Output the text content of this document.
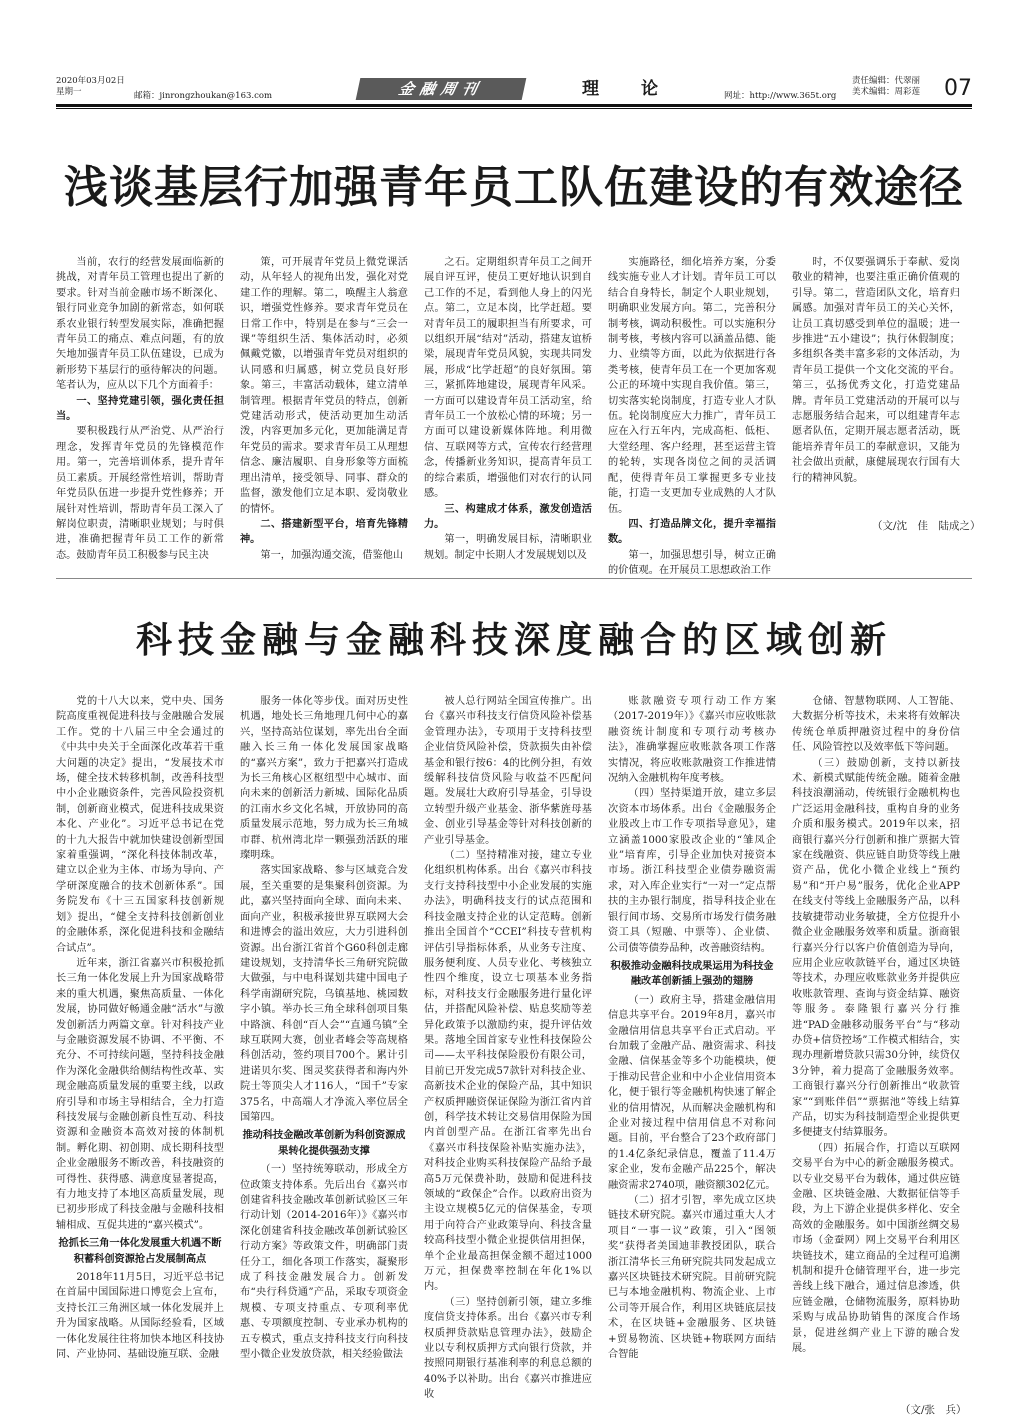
2020年03月02日
星期一	邮箱：jinrongzhoukan@163.com	金融周刊	理 论	网址：http://www.365t.org
责任编辑：代翠丽
美术编辑：周彩莲 07
浅谈基层行加强青年员工队伍建设的有效途径

当前，农行的经营发展面临新的挑战，对青年员工管理也提出了新的要求。针对当前金融市场不断深化、银行同业竞争加剧的新常态，如何联系农业银行转型发展实际，准确把握青年员工的痛点、难点问题，有的放矢地加强青年员工队伍建设，已成为新形势下基层行的亟待解决的问题。笔者认为，应从以下几个方面着手：

一、坚持党建引领，强化责任担当。

要积极践行从严治党、从严治行理念，发挥青年党员的先锋模范作用。第一，完善培训体系，提升青年员工素质。开展经常性培训，帮助青年党员队伍进一步提升党性修养；开展针对性培训，帮助青年员工深入了解岗位职责，清晰职业规划；与时俱进，准确把握青年员工工作的新常态。鼓励青年员工积极参与民主决

策，可开展青年党员上微党课活动，从年轻人的视角出发，强化对党建工作的理解。第二，唤醒主人翁意识，增强党性修养。要求青年党员在日常工作中，特别是在参与“三会一课”等组织生活、集体活动时，必须佩戴党徽，以增强青年党员对组织的认同感和归属感，树立党员良好形象。第三，丰富活动载体，建立清单制管理。根据青年党员的特点，创新党建活动形式，使活动更加生动活泼，内容更加多元化，更加能满足青年党员的需求。要求青年员工从理想信念、廉洁履职、自身形象等方面梳理出清单，接受领导、同事、群众的监督，激发他们立足本职、爱岗敬业的情怀。

二、搭建新型平台，培育先锋精神。

第一，加强沟通交流，借鉴他山

之石。定期组织青年员工之间开展自评互评，使员工更好地认识到自己工作的不足，看到他人身上的闪光点。第二，立足本岗，比学赶超。要对青年员工的履职担当有所要求，可以组织开展“结对”活动，搭建友谊桥梁，展现青年党员风貌，实现共同发展，形成“比学赶超”的良好氛围。第三，紧抓阵地建设，展现青年风采。一方面可以建设青年员工活动室，给青年员工一个放松心情的环境；另一方面可以建设新媒体阵地。利用微信、互联网等方式，宣传农行经营理念，传播新业务知识，提高青年员工的综合素质，增强他们对农行的认同感。

三、构建成才体系，激发创造活力。

第一，明确发展目标，清晰职业规划。制定中长期人才发展规划以及

实施路径，细化培养方案，分委线实施专业人才计划。青年员工可以结合自身特长，制定个人职业规划，明确职业发展方向。第二，完善积分制考核，调动积极性。可以实施积分制考核，考核内容可以涵盖品德、能力、业绩等方面，以此为依据进行各类考核，使青年员工在一个更加客观公正的环境中实现自我价值。第三，切实落实轮岗制度，打造专业人才队伍。轮岗制度应大力推广，青年员工应在入行五年内，完成高柜、低柜、大堂经理、客户经理，甚至运营主管的轮转，实现各岗位之间的灵活调配，使得青年员工掌握更多专业技能，打造一支更加专业成熟的人才队伍。

四、打造品牌文化，提升幸福指数。

第一，加强思想引导，树立正确的价值观。在开展员工思想政治工作

时，不仅要强调乐于奉献、爱岗敬业的精神，也要注重正确价值观的引导。第二，营造团队文化，培育归属感。加强对青年员工的关心关怀，让员工真切感受到单位的温暖；进一步推进“五小建设”；执行休假制度；多组织各类丰富多彩的文体活动，为青年员工提供一个文化交流的平台。第三，弘扬优秀文化，打造党建品牌。青年员工党建活动的开展可以与志愿服务结合起来，可以组建青年志愿者队伍，定期开展志愿者活动，既能培养青年员工的奉献意识，又能为社会做出贡献，康健展现农行国有大行的精神风貌。

（文/沈　佳　陆成之）
科技金融与金融科技深度融合的区域创新

党的十八大以来，党中央、国务院高度重视促进科技与金融融合发展工作。党的十八届三中全会通过的《中共中央关于全面深化改革若干重大问题的决定》提出，“发展技术市场，健全技术转移机制，改善科技型中小企业融资条件，完善风险投资机制，创新商业模式，促进科技成果资本化、产业化”。习近平总书记在党的十九大报告中就加快建设创新型国家着重强调，“深化科技体制改革，建立以企业为主体、市场为导向、产学研深度融合的技术创新体系”。国务院发布《十三五国家科技创新规划》提出，“健全支持科技创新创业的金融体系，深化促进科技和金融结合试点”。

近年来，浙江省嘉兴市积极抢抓长三角一体化发展上升为国家战略带来的重大机遇，聚焦高质量、一体化发展，协同做好畅通金融“活水”与激发创新活力两篇文章。针对科技产业与金融资源发展不协调、不平衡、不充分、不可持续问题，坚持科技金融作为深化金融供给侧结构性改革、实现金融高质量发展的重要主线，以政府引导和市场主导相结合，全力打造科技发展与金融创新良性互动、科技资源和金融资本高效对接的体制机制。孵化期、初创期、成长期科技型企业金融服务不断改善，科技融资的可得性、获得感、满意度显著提高，有力地支持了本地区高质量发展，现已初步形成了科技金融与金融科技相辅相成、互促共进的“嘉兴模式”。

抢抓长三角一体化发展重大机遇不断积蓄科创资源抢占发展制高点

2018年11月5日，习近平总书记在首届中国国际进口博览会上宣布，支持长江三角洲区域一体化发展并上升为国家战略。从国际经验看，区域一体化发展往往将加快本地区科技协同、产业协同、基础设施互联、金融

服务一体化等步伐。面对历史性机遇，地处长三角地理几何中心的嘉兴，坚持高站位谋划，率先出台全面融入长三角一体化发展国家战略的“嘉兴方案”，致力于把嘉兴打造成为长三角核心区枢纽型中心城市、面向未来的创新活力新城、国际化品质的江南水乡文化名城，开放协同的高质量发展示范地，努力成为长三角城市群、杭州湾北岸一颗强劲活跃的璀璨明珠。

落实国家战略、参与区域竞合发展，至关重要的是集聚科创资源。为此，嘉兴坚持面向全球、面向未来、面向产业，积极承接世界互联网大会和进博会的溢出效应，大力引进科创资源。出台浙江省首个G60科创走廊建设规划，支持清华长三角研究院做大做强，与中电科谋划共建中国电子科学南湖研究院，乌镇基地、桃园数字小镇。举办长三角全球科创项目集中路演、科创“百人会”“直通乌镇”全球互联网大赛，创业者峰会等高规格科创活动，签约项目700个。累计引进诺贝尔奖、图灵奖获得者和海内外院士等顶尖人才116人，“国千”专家375名，中高端人才净流入率位居全国第四。

推动科技金融改革创新为科创资源成果转化提供强劲支撑

（一）坚持统筹联动，形成全方位政策支持体系。先后出台《嘉兴市创建省科技金融改革创新试验区三年行动计划（2014-2016年）》《嘉兴市深化创建省科技金融改革创新试验区行动方案》等政策文件，明确部门责任分工，细化各项工作落实，凝聚形成了科技金融发展合力。创新发布“央行科贷通”产品，采取专项资金规模、专项支持重点、专项利率优惠、专项额度控制、专业承办机构的五专模式，重点支持科技支行向科技型小微企业发放贷款，相关经验做法

被人总行网站全国宣传推广。出台《嘉兴市科技支行信贷风险补偿基金管理办法》，专项用于支持科技型企业信贷风险补偿，贷款损失由补偿基金和银行按6：4的比例分担，有效缓解科技信贷风险与收益不匹配问题。发展壮大政府引导基金，引导设立转型升级产业基金、浙华紫旌母基金、创业引导基金等针对科技创新的产业引导基金。

（二）坚持精准对接，建立专业化组织机构体系。出台《嘉兴市科技支行支持科技型中小企业发展的实施办法》，明确科技支行的试点范围和科技金融支持企业的认定范畴。创新推出全国首个“CCEI”科技专营机构评估引导指标体系，从业务专注度、服务便利度、人员专业化、考核独立性四个维度，设立七项基本业务指标，对科技支行金融服务进行量化评估，并搭配风险补偿、贴息奖励等差异化政策予以激励约束，提升评估效果。落地全国首家专业性科技保险公司——太平科技保险股份有限公司，目前已开发完成57款针对科技企业、高新技术企业的保险产品，其中知识产权质押融资保证保险为浙江省内首创，科学技术转让交易信用保险为国内首创型产品。在浙江省率先出台《嘉兴市科技保险补贴实施办法》，对科技企业购买科技保险产品给予最高5万元保费补助，鼓励和促进科技领域的“政保企”合作。以政府出资为主设立规模5亿元的信保基金，专项用于向符合产业政策导向、科技含量较高科技型小微企业提供信用担保，单个企业最高担保金额不超过1000万元，担保费率控制在年化1%以内。

（三）坚持创新引领，建立多维度信贷支持体系。出台《嘉兴市专利权质押贷款贴息管理办法》，鼓励企业以专利权质押方式向银行贷款，并按照同期银行基准利率的利息总额的40%予以补助。出台《嘉兴市推进应收

账款融资专项行动工作方案（2017-2019年）》《嘉兴市应收账款融资统计制度和专项行动考核办法》，准确掌握应收账款各项工作落实情况，将应收账款融资工作推进情况纳入金融机构年度考核。

（四）坚持渠道开放，建立多层次资本市场体系。出台《金融服务企业股改上市工作专项指导意见》，建立涵盖1000家股改企业的“雏凤企业”培育库，引导企业加快对接资本市场。浙江科技型企业债券融资需求，对入库企业实行“一对一”定点帮扶的主办银行制度，指导科技企业在银行间市场、交易所市场发行债务融资工具（短融、中票等）、企业债、公司债等债券品种，改善融资结构。

积极推动金融科技成果运用为科技金融改革创新插上强劲的翅膀

（一）政府主导，搭建金融信用信息共享平台。2019年8月，嘉兴市金融信用信息共享平台正式启动。平台加载了金融产品、融资需求、科技金融、信保基金等多个功能模块，便于推动民营企业和中小企业信用资本化，便于银行等金融机构快速了解企业的信用情况，从而解决金融机构和企业对接过程中信用信息不对称问题。目前，平台整合了23个政府部门的1.4亿条纪录信息，覆盖了11.4万家企业，发布金融产品225个，解决融资需求2740项，融资额302亿元。

（二）招才引智，率先成立区块链技术研究院。嘉兴市通过重大人才项目“一事一议”政策，引入“图领奖”获得者美国迪菲教授团队，联合浙江清华长三角研究院共同发起成立嘉兴区块链技术研究院。目前研究院已与本地金融机构、物流企业、上市公司等开展合作，利用区块链底层技术，在区块链+金融服务、区块链+贸易物流、区块链+物联网方面结合智能

仓储、智慧物联网、人工智能、大数据分析等技术，未来将有效解决传统仓单质押融资过程中的身份信任、风险管控以及效率低下等问题。

（三）鼓励创新，支持以新技术、新模式赋能传统金融。随着金融科技浪潮涌动，传统银行金融机构也广泛运用金融科技，重构自身的业务介质和服务模式。2019年以来，招商银行嘉兴分行创新和推广票据大管家在线融资、供应链自助贷等线上融资产品，优化小微企业线上“预约易”和“开户易”服务，优化企业APP在线支付等线上金融服务产品，以科技敏捷带动业务敏捷，全方位提升小微企业金融服务效率和质量。浙商银行嘉兴分行以客户价值创造为导向，应用企业应收款链平台，通过区块链等技术，办理应收账款业务并提供应收账款管理、查询与资金结算、融资等服务。泰隆银行嘉兴分行推进“PAD金融移动服务平台”与“移动办贷+信贷控场”工作模式相结合，实现办理新增贷款只需30分钟，续贷仅3分钟，着力提高了金融服务效率。工商银行嘉兴分行创新推出“收款管家”“到账伴侣”“票据池”等线上结算产品，切实为科技制造型企业提供更多便捷支付结算服务。

（四）拓展合作，打造以互联网交易平台为中心的新金融服务模式。以专业交易平台为载体，通过供应链金融、区块链金融、大数据征信等手段，为上下游企业提供多样化、安全高效的金融服务。如中国浙丝绸交易市场（金蚕网）网上交易平台利用区块链技术，建立商品的全过程可追溯机制和提升仓储管理平台，进一步完善线上线下融合，通过信息渗透，供应链金融，仓储物流服务，原料协助采购与成品协助销售的深度合作场景，促进丝绸产业上下游的融合发展。

（文/张　兵）
